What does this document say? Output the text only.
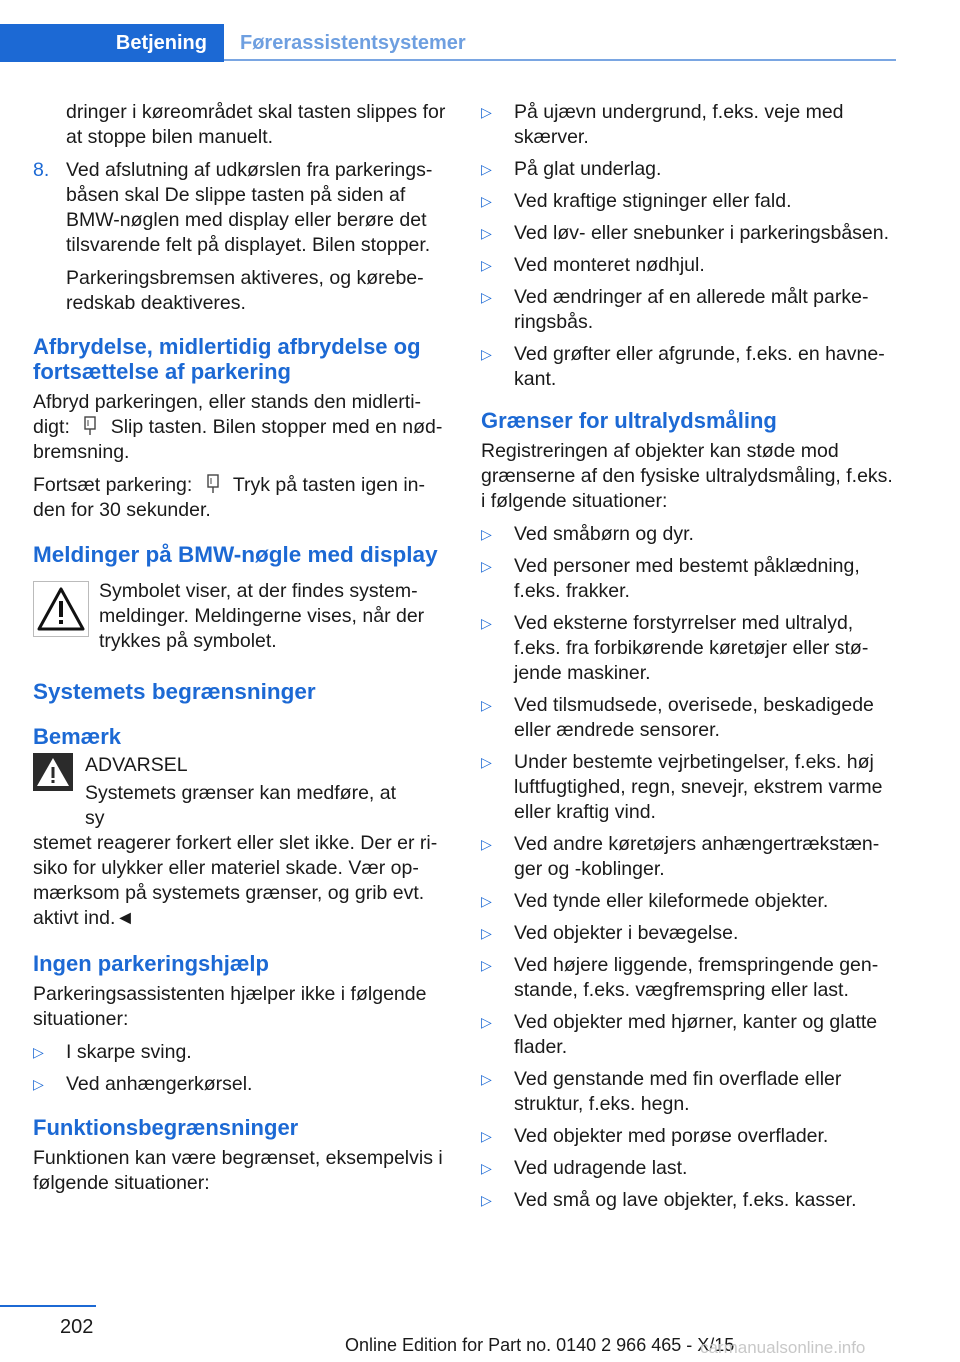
Betjening	Førerassistentsystemer

dringer i køreområdet skal tasten slippes for at stoppe bilen manuelt.

8. Ved afslutning af udkørslen fra parkeringsbåsen skal De slippe tasten på siden af BMW-nøglen med display eller berøre det tilsvarende felt på displayet. Bilen stopper.

Parkeringsbremsen aktiveres, og køreberedskab deaktiveres.

Afbrydelse, midlertidig afbrydelse og fortsættelse af parkering

Afbryd parkeringen, eller stands den midlertidigt: Slip tasten. Bilen stopper med en nødbremsning.

Fortsæt parkering: Tryk på tasten igen inden for 30 sekunder.

Meldinger på BMW-nøgle med display

Symbolet viser, at der findes systemmeldinger. Meldingerne vises, når der trykkes på symbolet.

Systemets begrænsninger
Bemærk
ADVARSEL
Systemets grænser kan medføre, at sy

stemet reagerer forkert eller slet ikke. Der er risiko for ulykker eller materiel skade. Vær opmærksom på systemets grænser, og grib evt. aktivt ind.◄

Ingen parkeringshjælp

Parkeringsassistenten hjælper ikke i følgende situationer:

▷	I skarpe sving.
▷	Ved anhængerkørsel.
Funktionsbegrænsninger

Funktionen kan være begrænset, eksempelvis i følgende situationer:

▷	På ujævn undergrund, f.eks. veje med skærver.
▷	På glat underlag.
▷	Ved kraftige stigninger eller fald.
▷	Ved løv- eller snebunker i parkeringsbåsen.
▷	Ved monteret nødhjul.
▷	Ved ændringer af en allerede målt parkeringsbås.
▷	Ved grøfter eller afgrunde, f.eks. en havnekant.
Grænser for ultralydsmåling

Registreringen af objekter kan støde mod grænserne af den fysiske ultralydsmåling, f.eks. i følgende situationer:

▷	Ved småbørn og dyr.
▷	Ved personer med bestemt påklædning, f.eks. frakker.
▷	Ved eksterne forstyrrelser med ultralyd, f.eks. fra forbikørende køretøjer eller støjende maskiner.
▷	Ved tilsmudsede, overisede, beskadigede eller ændrede sensorer.
▷	Under bestemte vejrbetingelser, f.eks. høj luftfugtighed, regn, snevejr, ekstrem varme eller kraftig vind.
▷	Ved andre køretøjers anhængertrækstænger og -koblinger.
▷	Ved tynde eller kileformede objekter.
▷	Ved objekter i bevægelse.
▷	Ved højere liggende, fremspringende genstande, f.eks. vægfremspring eller last.
▷	Ved objekter med hjørner, kanter og glatte flader.
▷	Ved genstande med fin overflade eller struktur, f.eks. hegn.
▷	Ved objekter med porøse overflader.
▷	Ved udragende last.
▷	Ved små og lave objekter, f.eks. kasser.
202
Online Edition for Part no. 0140 2 966 465 - X/15
carmanualsonline.info
